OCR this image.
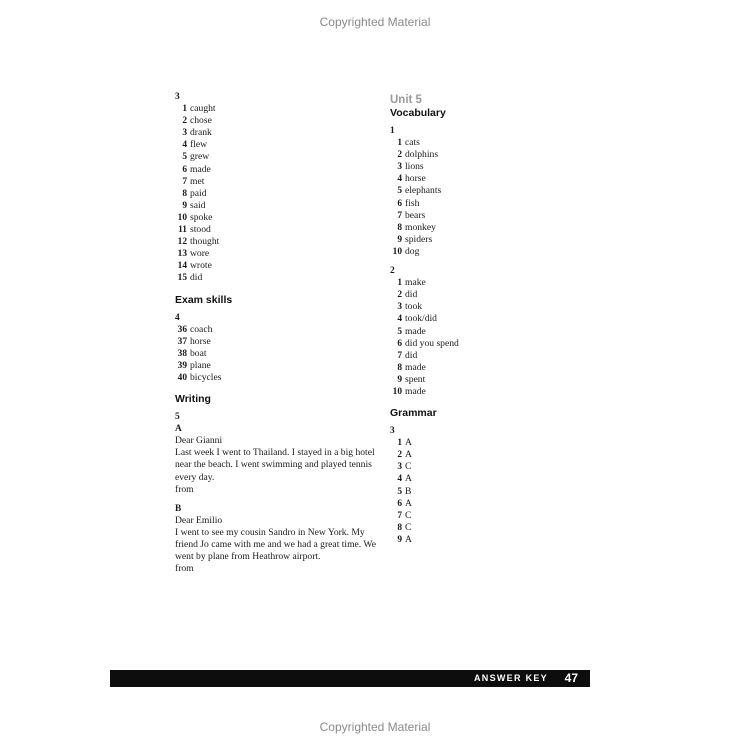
Copyrighted Material
3
1 caught
2 chose
3 drank
4 flew
5 grew
6 made
7 met
8 paid
9 said
10 spoke
11 stood
12 thought
13 wore
14 wrote
15 did
Exam skills
4
36 coach
37 horse
38 boat
39 plane
40 bicycles
Writing
5
A
Dear Gianni
Last week I went to Thailand. I stayed in a big hotel near the beach. I went swimming and played tennis every day.
from
B
Dear Emilio
I went to see my cousin Sandro in New York. My friend Jo came with me and we had a great time. We went by plane from Heathrow airport.
from
Unit 5
Vocabulary
1
1 cats
2 dolphins
3 lions
4 horse
5 elephants
6 fish
7 bears
8 monkey
9 spiders
10 dog
2
1 make
2 did
3 took
4 took/did
5 made
6 did you spend
7 did
8 made
9 spent
10 made
Grammar
3
1 A
2 A
3 C
4 A
5 B
6 A
7 C
8 C
9 A
ANSWER KEY 47
Copyrighted Material
